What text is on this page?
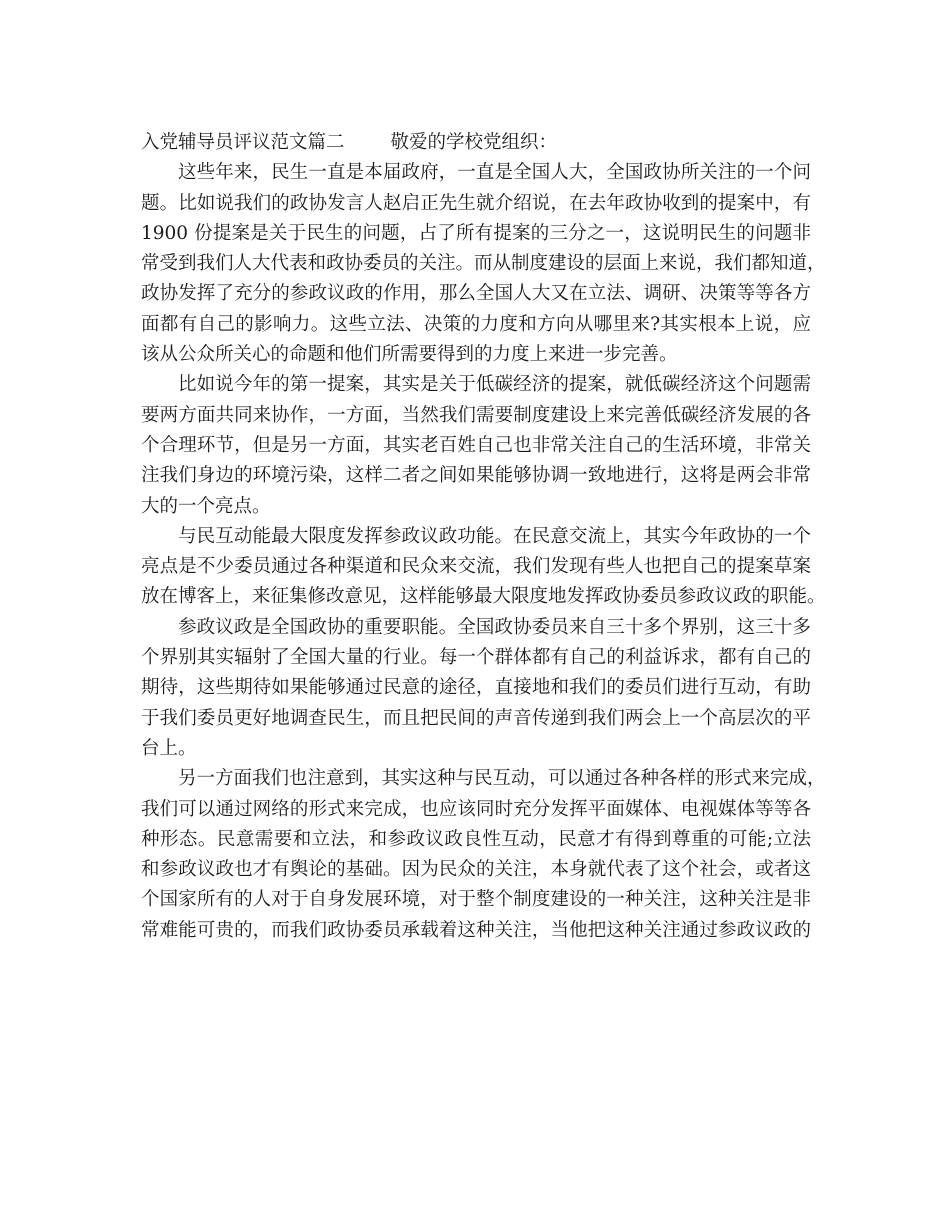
入党辅导员评议范文篇二 敬爱的学校党组织：
这些年来，民生一直是本届政府，一直是全国人大，全国政协所关注的一个问
题。比如说我们的政协发言人赵启正先生就介绍说，在去年政协收到的提案中，有
1900 份提案是关于民生的问题，占了所有提案的三分之一，这说明民生的问题非
常受到我们人大代表和政协委员的关注。而从制度建设的层面上来说，我们都知道，
政协发挥了充分的参政议政的作用，那么全国人大又在立法、调研、决策等等各方
面都有自己的影响力。这些立法、决策的力度和方向从哪里来?其实根本上说，应
该从公众所关心的命题和他们所需要得到的力度上来进一步完善。
比如说今年的第一提案，其实是关于低碳经济的提案，就低碳经济这个问题需
要两方面共同来协作，一方面，当然我们需要制度建设上来完善低碳经济发展的各
个合理环节，但是另一方面，其实老百姓自己也非常关注自己的生活环境，非常关
注我们身边的环境污染，这样二者之间如果能够协调一致地进行，这将是两会非常
大的一个亮点。
与民互动能最大限度发挥参政议政功能。在民意交流上，其实今年政协的一个
亮点是不少委员通过各种渠道和民众来交流，我们发现有些人也把自己的提案草案
放在博客上，来征集修改意见，这样能够最大限度地发挥政协委员参政议政的职能。
参政议政是全国政协的重要职能。全国政协委员来自三十多个界别，这三十多
个界别其实辐射了全国大量的行业。每一个群体都有自己的利益诉求，都有自己的
期待，这些期待如果能够通过民意的途径，直接地和我们的委员们进行互动，有助
于我们委员更好地调查民生，而且把民间的声音传递到我们两会上一个高层次的平
台上。
另一方面我们也注意到，其实这种与民互动，可以通过各种各样的形式来完成，
我们可以通过网络的形式来完成，也应该同时充分发挥平面媒体、电视媒体等等各
种形态。民意需要和立法，和参政议政良性互动，民意才有得到尊重的可能;立法
和参政议政也才有舆论的基础。因为民众的关注，本身就代表了这个社会，或者这
个国家所有的人对于自身发展环境，对于整个制度建设的一种关注，这种关注是非
常难能可贵的，而我们政协委员承载着这种关注，当他把这种关注通过参政议政的
